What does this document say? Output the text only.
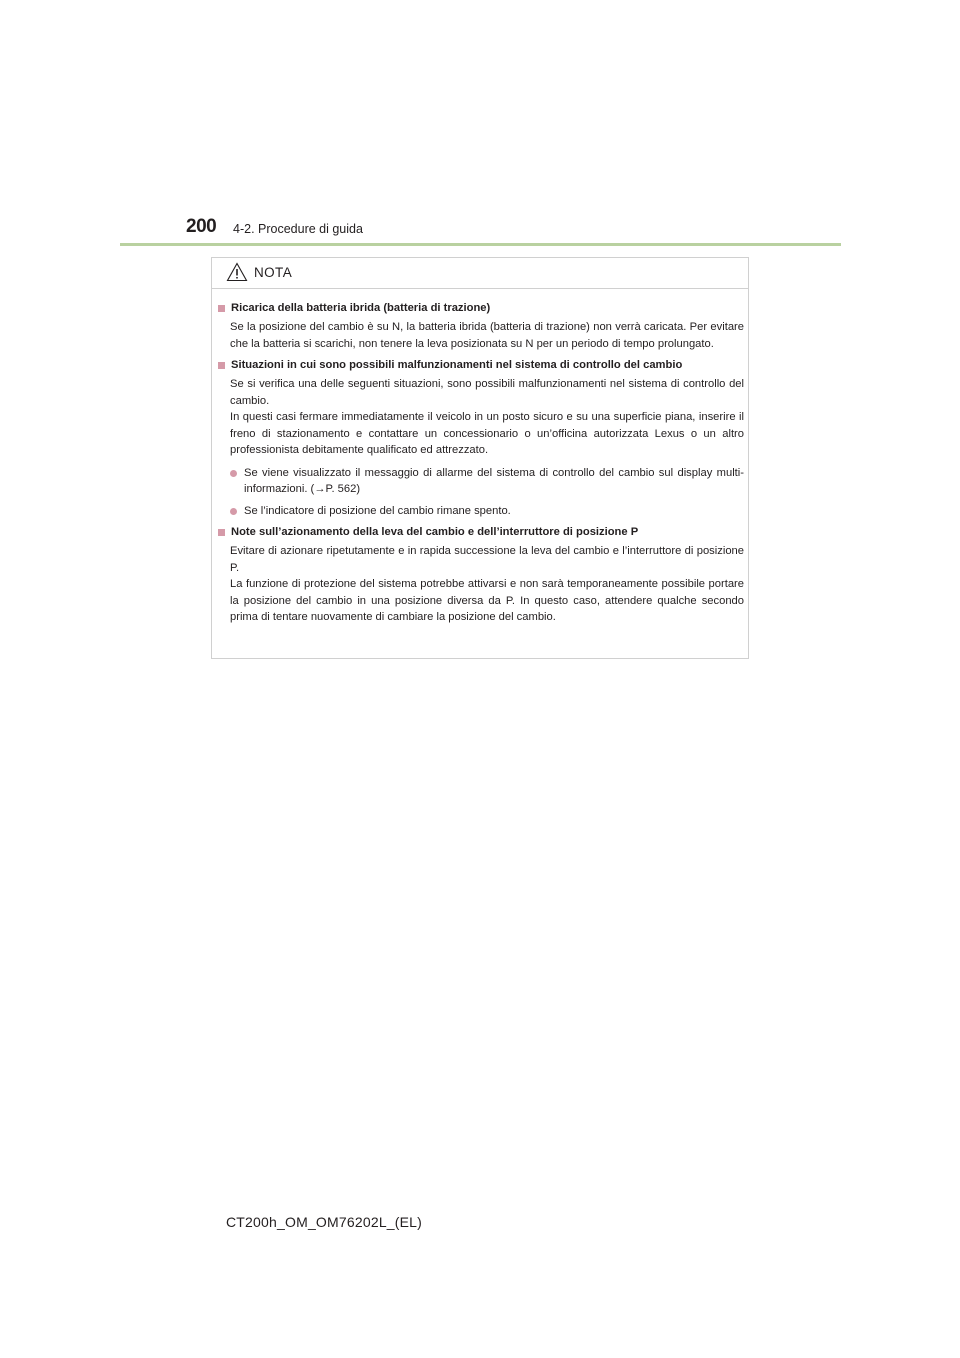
200 4-2. Procedure di guida
NOTA
Ricarica della batteria ibrida (batteria di trazione)
Se la posizione del cambio è su N, la batteria ibrida (batteria di trazione) non verrà caricata. Per evitare che la batteria si scarichi, non tenere la leva posizionata su N per un periodo di tempo prolungato.
Situazioni in cui sono possibili malfunzionamenti nel sistema di controllo del cambio
Se si verifica una delle seguenti situazioni, sono possibili malfunzionamenti nel sistema di controllo del cambio.
In questi casi fermare immediatamente il veicolo in un posto sicuro e su una superficie piana, inserire il freno di stazionamento e contattare un concessionario o un’officina autorizzata Lexus o un altro professionista debitamente qualificato ed attrezzato.
Se viene visualizzato il messaggio di allarme del sistema di controllo del cambio sul display multi-informazioni. (→P. 562)
Se l’indicatore di posizione del cambio rimane spento.
Note sull’azionamento della leva del cambio e dell’interruttore di posizione P
Evitare di azionare ripetutamente e in rapida successione la leva del cambio e l’interruttore di posizione P.
La funzione di protezione del sistema potrebbe attivarsi e non sarà temporaneamente possibile portare la posizione del cambio in una posizione diversa da P. In questo caso, attendere qualche secondo prima di tentare nuovamente di cambiare la posizione del cambio.
CT200h_OM_OM76202L_(EL)
